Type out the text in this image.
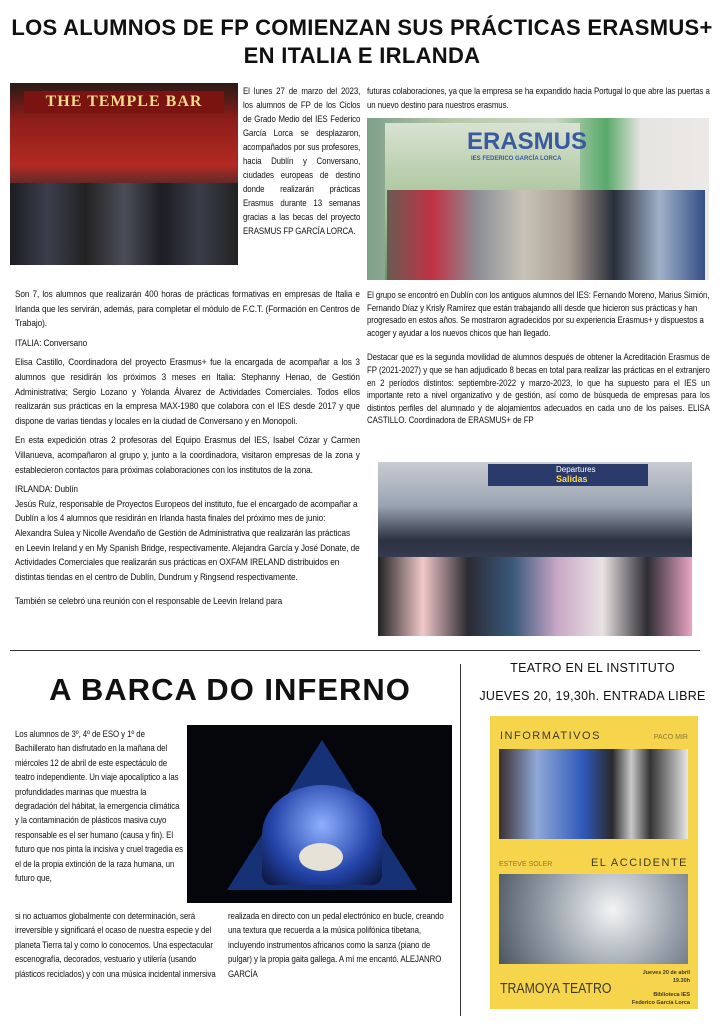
LOS ALUMNOS DE FP COMIENZAN SUS PRÁCTICAS ERASMUS+ EN ITALIA E IRLANDA
THE TEMPLE BAR
El lunes 27 de marzo del 2023, los alumnos de FP de los Ciclos de Grado Medio del IES Federico García Lorca se desplazaron, acompañados por sus profesores, hacia Dublín y Conversano, ciudades europeas de destino donde realizarán prácticas Erasmus durante 13 semanas gracias a las becas del proyecto ERASMUS FP GARCÍA LORCA.
futuras colaboraciones, ya que la empresa se ha expandido hacia Portugal lo que abre las puertas a un nuevo destino para nuestros erasmus.
ERASMUS
IES FEDERICO GARCÍA LORCA

Son 7, los alumnos que realizarán 400 horas de prácticas formativas en empresas de Italia e Irlanda que les servirán, además, para completar el módulo de F.C.T. (Formación en Centros de Trabajo).

ITALIA: Conversano

Elisa Castillo, Coordinadora del proyecto Erasmus+ fue la encargada de acompañar a los 3 alumnos que residirán los próximos 3 meses en Italia: Stephanny Henao, de Gestión Administrativa; Sergio Lozano y Yolanda Álvarez de Actividades Comerciales. Todos ellos realizarán sus prácticas en la empresa MAX-1980 que colabora con el IES desde 2017 y que dispone de varias tiendas y locales en la ciudad de Conversano y en Monopoli.

En esta expedición otras 2 profesoras del Equipo Erasmus del IES, Isabel Cózar y Carmen Villanueva, acompañaron al grupo y, junto a la coordinadora, visitaron empresas de la zona y establecieron contactos para próximas colaboraciones con los institutos de la zona.

IRLANDA: Dublín

Jesús Ruíz, responsable de Proyectos Europeos del instituto, fue el encargado de acompañar a Dublín a los 4 alumnos que residirán en Irlanda hasta finales del próximo mes de junio: Alexandra Sulea y Nicolle Avendaño de Gestión de Administrativa que realizarán las prácticas en Leevin Ireland y en My Spanish Bridge, respectivamente. Alejandra García y José Donate, de Actividades Comerciales que realizarán sus prácticas en OXFAM IRELAND distribuidos en distintas tiendas en el centro de Dublín, Dundrum y Ringsend respectivamente.

También se celebró una reunión con el responsable de Leevin Ireland para

El grupo se encontró en Dublín con los antiguos alumnos del IES: Fernando Moreno, Marius Simión, Fernando Díaz y Krisly Ramírez que están trabajando allí desde que hicieron sus prácticas y han progresado en estos años. Se mostraron agradecidos por su experiencia Erasmus+ y dispuestos a acoger y ayudar a los nuevos chicos que han llegado.

Destacar que es la segunda movilidad de alumnos después de obtener la Acreditación Erasmus de FP (2021-2027) y que se han adjudicado 8 becas en total para realizar las prácticas en el extranjero en 2 períodos distintos: septiembre-2022 y marzo-2023, lo que ha supuesto para el IES un importante reto a nivel organizativo y de gestión, así como de búsqueda de empresas para los distintos perfiles del alumnado y de alojamientos adecuados en cada uno de los países. ELISA CASTILLO. Coordinadora de ERASMUS+ de FP

Departures
Salidas
A BARCA DO INFERNO
Los alumnos de 3º, 4º de ESO y 1º de Bachillerato han disfrutado en la mañana del miércoles 12 de abril de este espectáculo de teatro independiente. Un viaje apocalíptico a las profundidades marinas que muestra la degradación del hábitat, la emergencia climática y la contaminación de plásticos masiva cuyo responsable es el ser humano (causa y fin). El futuro que nos pinta la incisiva y cruel tragedia es el de la propia extinción de la raza humana, un futuro que,
si no actuamos globalmente con determinación, será irreversible y significará el ocaso de nuestra especie y del planeta Tierra tal y como lo conocemos. Una espectacular escenografía, decorados, vestuario y utilería (usando plásticos reciclados) y con una música incidental inmersiva
realizada en directo con un pedal electrónico en bucle, creando una textura que recuerda a la música polifónica tibetana, incluyendo instrumentos africanos como la sanza (piano de pulgar) y la propia gaita gallega. A mí me encantó. ALEJANRO GARCÍA
TEATRO EN EL INSTITUTO
JUEVES 20, 19,30h. ENTRADA LIBRE
INFORMATIVOS	PACO MIR
ESTEVE SOLER	EL ACCIDENTE
TRAMOYA TEATRO
Jueves 20 de abril
19.30h
Biblioteca IES
Federico García Lorca
